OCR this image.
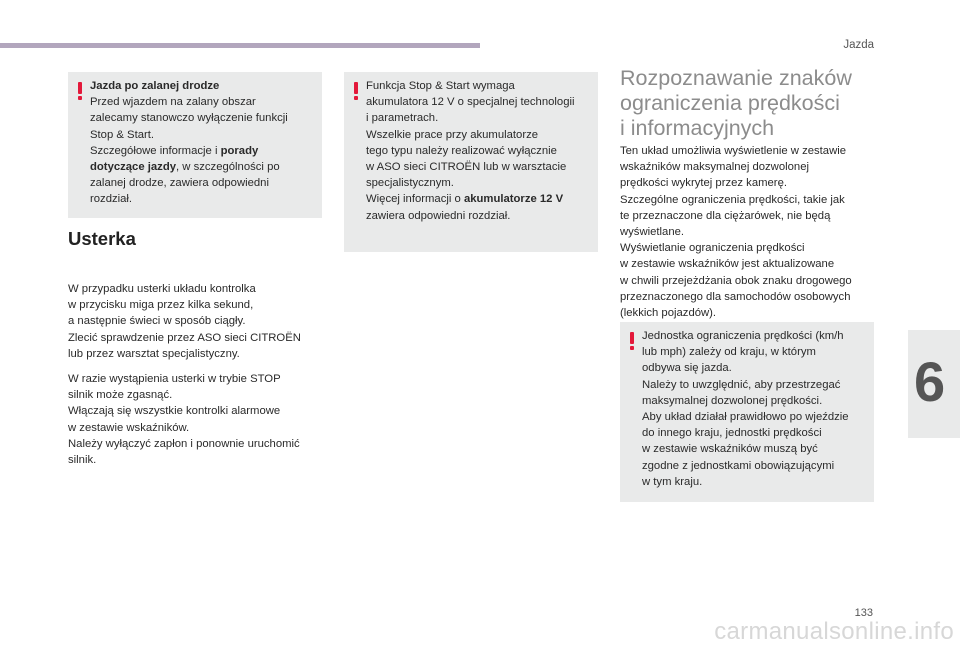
Jazda
6

Jazda po zalanej drodze

Przed wjazdem na zalany obszar

zalecamy stanowczo wyłączenie funkcji

Stop & Start.

Szczegółowe informacje i porady

dotyczące jazdy, w szczególności po

zalanej drodze, zawiera odpowiedni

rozdział.

Usterka

W przypadku usterki układu kontrolka

w przycisku miga przez kilka sekund,

a następnie świeci w sposób ciągły.

Zlecić sprawdzenie przez ASO sieci CITROËN

lub przez warsztat specjalistyczny.

W razie wystąpienia usterki w trybie STOP

silnik może zgasnąć.

Włączają się wszystkie kontrolki alarmowe

w zestawie wskaźników.

Należy wyłączyć zapłon i ponownie uruchomić

silnik.

Funkcja Stop & Start wymaga

akumulatora 12 V o specjalnej technologii

i parametrach.

Wszelkie prace przy akumulatorze

tego typu należy realizować wyłącznie

w ASO sieci CITROËN lub w warsztacie

specjalistycznym.

Więcej informacji o akumulatorze 12 V

zawiera odpowiedni rozdział.

Rozpoznawanie znaków
ograniczenia prędkości
i informacyjnych

Ten układ umożliwia wyświetlenie w zestawie

wskaźników maksymalnej dozwolonej

prędkości wykrytej przez kamerę.

Szczególne ograniczenia prędkości, takie jak

te przeznaczone dla ciężarówek, nie będą

wyświetlane.

Wyświetlanie ograniczenia prędkości

w zestawie wskaźników jest aktualizowane

w chwili przejeżdżania obok znaku drogowego

przeznaczonego dla samochodów osobowych

(lekkich pojazdów).

Jednostka ograniczenia prędkości (km/h

lub mph) zależy od kraju, w którym

odbywa się jazda.

Należy to uwzględnić, aby przestrzegać

maksymalnej dozwolonej prędkości.

Aby układ działał prawidłowo po wjeździe

do innego kraju, jednostki prędkości

w zestawie wskaźników muszą być

zgodne z jednostkami obowiązującymi

w tym kraju.

133
carmanualsonline.info
